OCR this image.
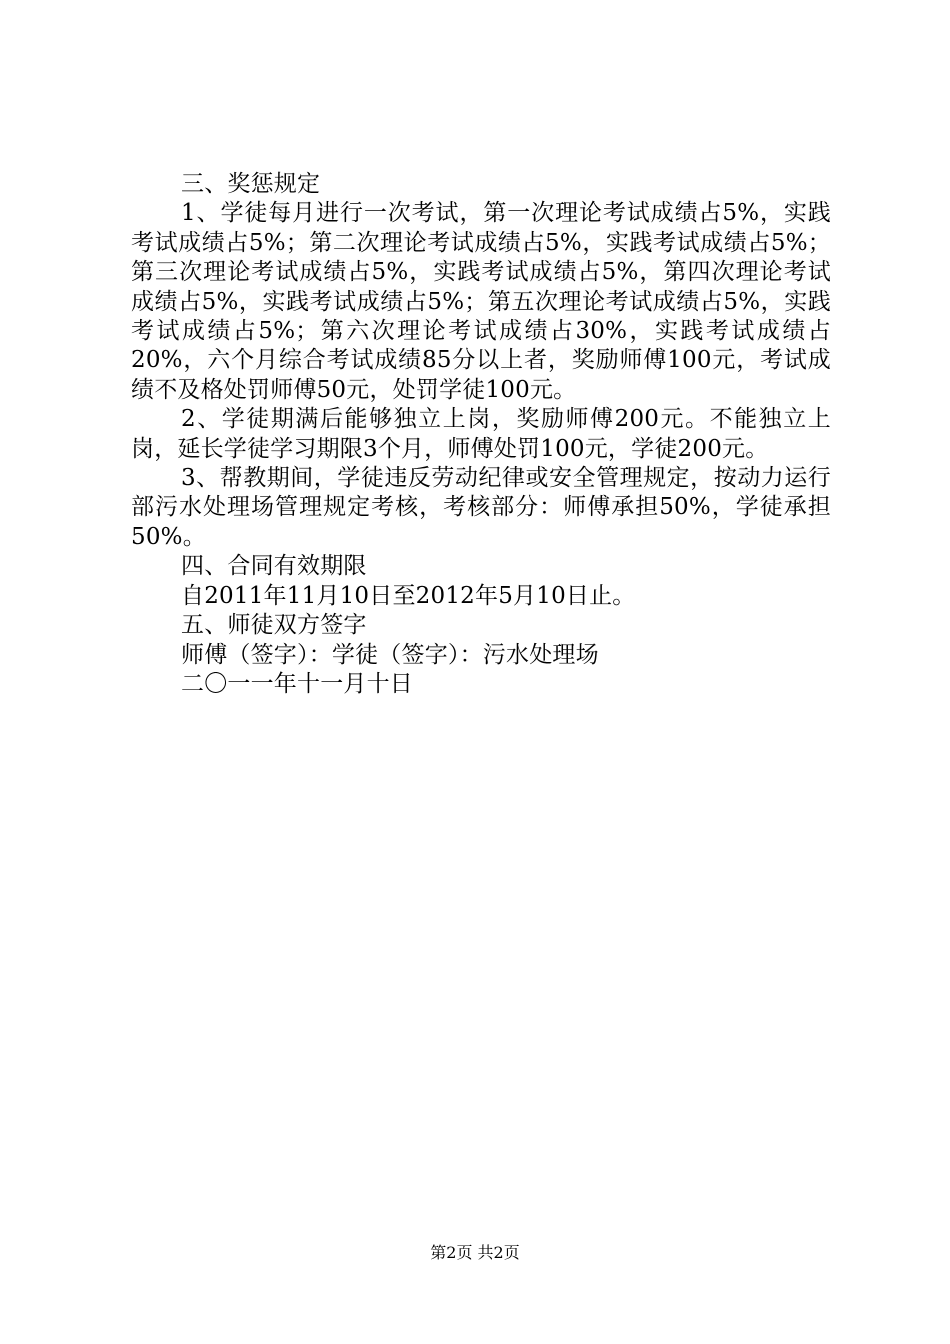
三、奖惩规定

1、学徒每月进行一次考试，第一次理论考试成绩占5%，实践考试成绩占5%；第二次理论考试成绩占5%，实践考试成绩占5%；第三次理论考试成绩占5%，实践考试成绩占5%，第四次理论考试成绩占5%，实践考试成绩占5%；第五次理论考试成绩占5%，实践考试成绩占5%；第六次理论考试成绩占30%，实践考试成绩占20%，六个月综合考试成绩85分以上者，奖励师傅100元，考试成绩不及格处罚师傅50元，处罚学徒100元。

2、学徒期满后能够独立上岗，奖励师傅200元。不能独立上岗，延长学徒学习期限3个月，师傅处罚100元，学徒200元。

3、帮教期间，学徒违反劳动纪律或安全管理规定，按动力运行部污水处理场管理规定考核，考核部分：师傅承担50%，学徒承担50%。

四、合同有效期限

自2011年11月10日至2012年5月10日止。

五、师徒双方签字

师傅（签字）：学徒（签字）：污水处理场

二〇一一年十一月十日

第2页 共2页
